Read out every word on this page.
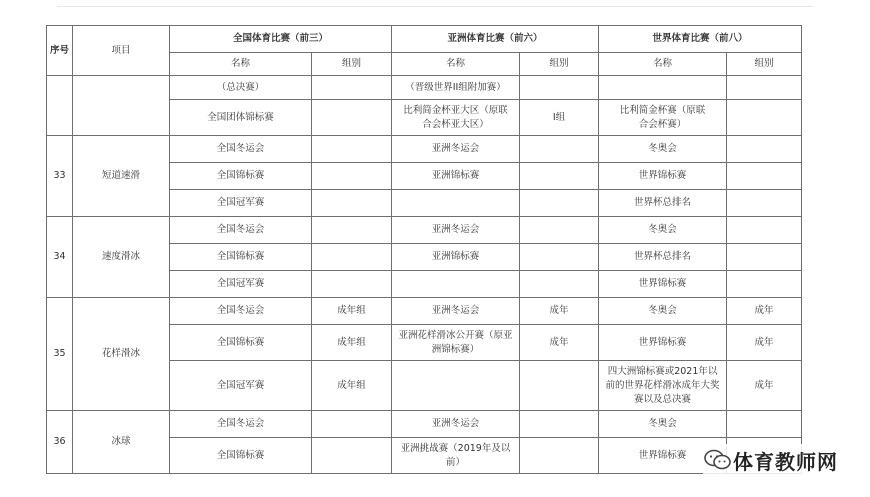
序号	项目	全国体育比赛（前三）		亚洲体育比赛（前六）		世界体育比赛（前八）	
		名称	组别	名称	组别	名称	组别
		（总决赛）		（晋级世界II组附加赛）			
		全国团体锦标赛		比利简金杯亚大区（原联合会杯亚大区）	I组	比利简金杯赛（原联合会杯赛）	
33	短道速滑	全国冬运会		亚洲冬运会		冬奥会	
		全国锦标赛		亚洲锦标赛		世界锦标赛	
		全国冠军赛				世界杯总排名	
34	速度滑冰	全国冬运会		亚洲冬运会		冬奥会	
		全国锦标赛		亚洲锦标赛		世界杯总排名	
		全国冠军赛				世界锦标赛	
35	花样滑冰	全国冬运会	成年组	亚洲冬运会	成年	冬奥会	成年
		全国锦标赛	成年组	亚洲花样滑冰公开赛（原亚洲锦标赛）	成年	世界锦标赛	成年
		全国冠军赛	成年组			四大洲锦标赛或2021年以前的世界花样滑冰成年大奖赛以及总决赛	成年
36	冰球	全国冬运会		亚洲冬运会		冬奥会	
		全国锦标赛		亚洲挑战赛（2019年及以前）		世界锦标赛	体育教师网
